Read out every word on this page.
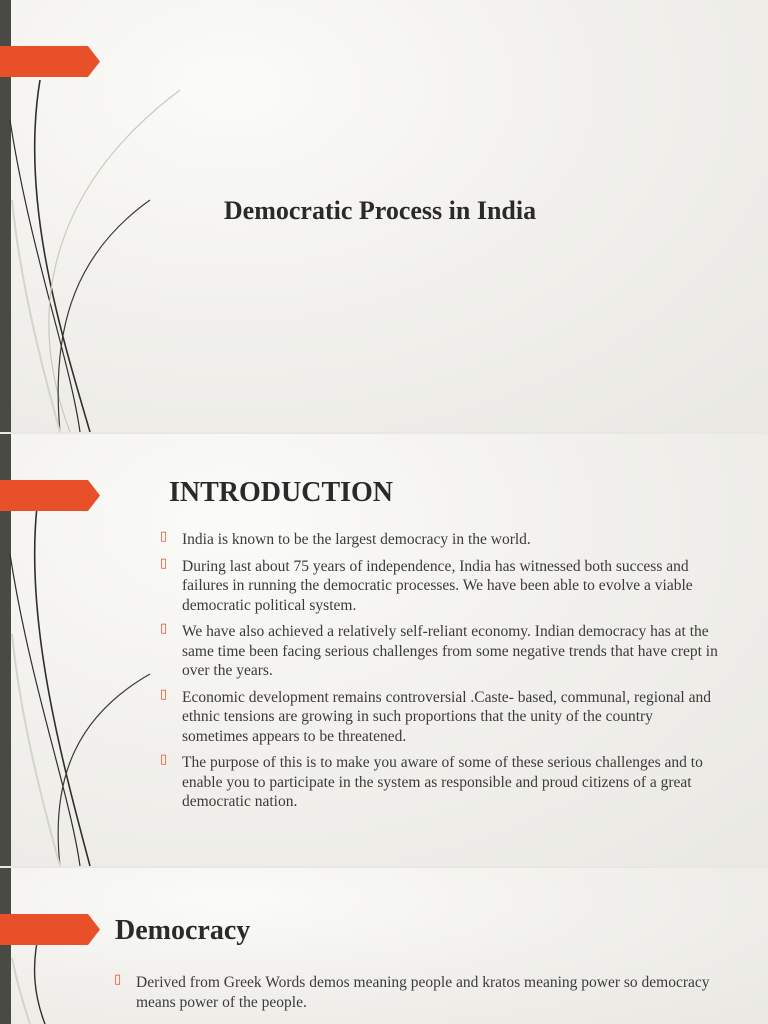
Democratic Process in India
INTRODUCTION
▯ India is known to be the largest democracy in the world.
▯ During last about 75 years of independence, India has witnessed both success and failures in running the democratic processes. We have been able to evolve a viable democratic political system.
▯ We have also achieved a relatively self-reliant economy. Indian democracy has at the same time been facing serious challenges from some negative trends that have crept in over the years.
▯ Economic development remains controversial .Caste- based, communal, regional and ethnic tensions are growing in such proportions that the unity of the country sometimes appears to be threatened.
▯ The purpose of this is to make you aware of some of these serious challenges and to enable you to participate in the system as responsible and proud citizens of a great democratic nation.
Democracy
▯ Derived from Greek Words demos meaning people and kratos meaning power so democracy means power of the people.
